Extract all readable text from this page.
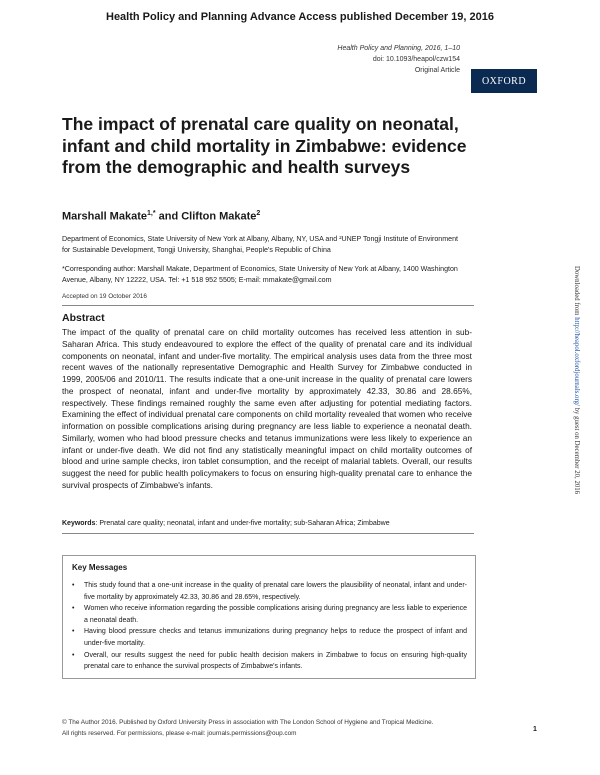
Health Policy and Planning Advance Access published December 19, 2016
Health Policy and Planning, 2016, 1–10
doi: 10.1093/heapol/czw154
Original Article
OXFORD
The impact of prenatal care quality on neonatal, infant and child mortality in Zimbabwe: evidence from the demographic and health surveys
Marshall Makate$^{1,*}$ and Clifton Makate$^2$
Department of Economics, State University of New York at Albany, Albany, NY, USA and ²UNEP Tongji Institute of Environment for Sustainable Development, Tongji University, Shanghai, People's Republic of China
*Corresponding author: Marshall Makate, Department of Economics, State University of New York at Albany, 1400 Washington Avenue, Albany, NY 12222, USA. Tel: +1 518 952 5505; E-mail: mmakate@gmail.com
Accepted on 19 October 2016
Abstract
The impact of the quality of prenatal care on child mortality outcomes has received less attention in sub-Saharan Africa. This study endeavoured to explore the effect of the quality of prenatal care and its individual components on neonatal, infant and under-five mortality. The empirical analysis uses data from the three most recent waves of the nationally representative Demographic and Health Survey for Zimbabwe conducted in 1999, 2005/06 and 2010/11. The results indicate that a one-unit increase in the quality of prenatal care lowers the prospect of neonatal, infant and under-five mortality by approximately 42.33, 30.86 and 28.65%, respectively. These findings remained roughly the same even after adjusting for potential mediating factors. Examining the effect of individual prenatal care components on child mortality revealed that women who receive information on possible complications arising during pregnancy are less liable to experience a neonatal death. Similarly, women who had blood pressure checks and tetanus immunizations were less likely to experience an infant or under-five death. We did not find any statistically meaningful impact on child mortality outcomes of blood and urine sample checks, iron tablet consumption, and the receipt of malarial tablets. Overall, our results suggest the need for public health policymakers to focus on ensuring high-quality prenatal care to enhance the survival prospects of Zimbabwe's infants.
Keywords: Prenatal care quality; neonatal, infant and under-five mortality; sub-Saharan Africa; Zimbabwe
Key Messages
• This study found that a one-unit increase in the quality of prenatal care lowers the plausibility of neonatal, infant and under-five mortality by approximately 42.33, 30.86 and 28.65%, respectively.
• Women who receive information regarding the possible complications arising during pregnancy are less liable to experience a neonatal death.
• Having blood pressure checks and tetanus immunizations during pregnancy helps to reduce the prospect of infant and under-five mortality.
• Overall, our results suggest the need for public health decision makers in Zimbabwe to focus on ensuring high-quality prenatal care to enhance the survival prospects of Zimbabwe's infants.
© The Author 2016. Published by Oxford University Press in association with The London School of Hygiene and Tropical Medicine.
All rights reserved. For permissions, please e-mail: journals.permissions@oup.com	1
Downloaded from http://heapol.oxfordjournals.org/ by guest on December 20, 2016
